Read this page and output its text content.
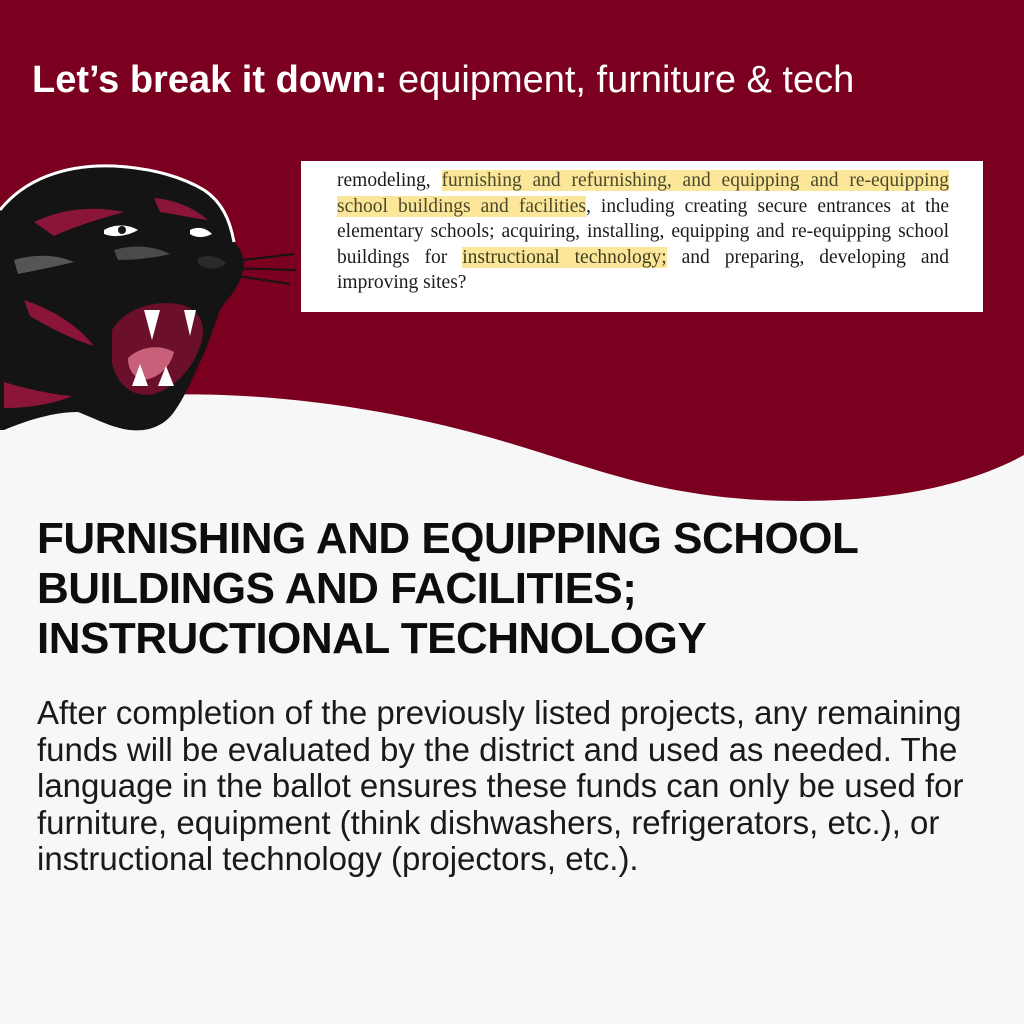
Let’s break it down: equipment, furniture & tech
remodeling, furnishing and refurnishing, and equipping and re-equipping school buildings and facilities, including creating secure entrances at the elementary schools; acquiring, installing, equipping and re-equipping school buildings for instructional technology; and preparing, developing and improving sites?
FURNISHING AND EQUIPPING SCHOOL
BUILDINGS AND FACILITIES;
INSTRUCTIONAL TECHNOLOGY

After completion of the previously listed projects, any remaining funds will be evaluated by the district and used as needed. The language in the ballot ensures these funds can only be used for furniture, equipment (think dishwashers, refrigerators, etc.), or instructional technology (projectors, etc.).
